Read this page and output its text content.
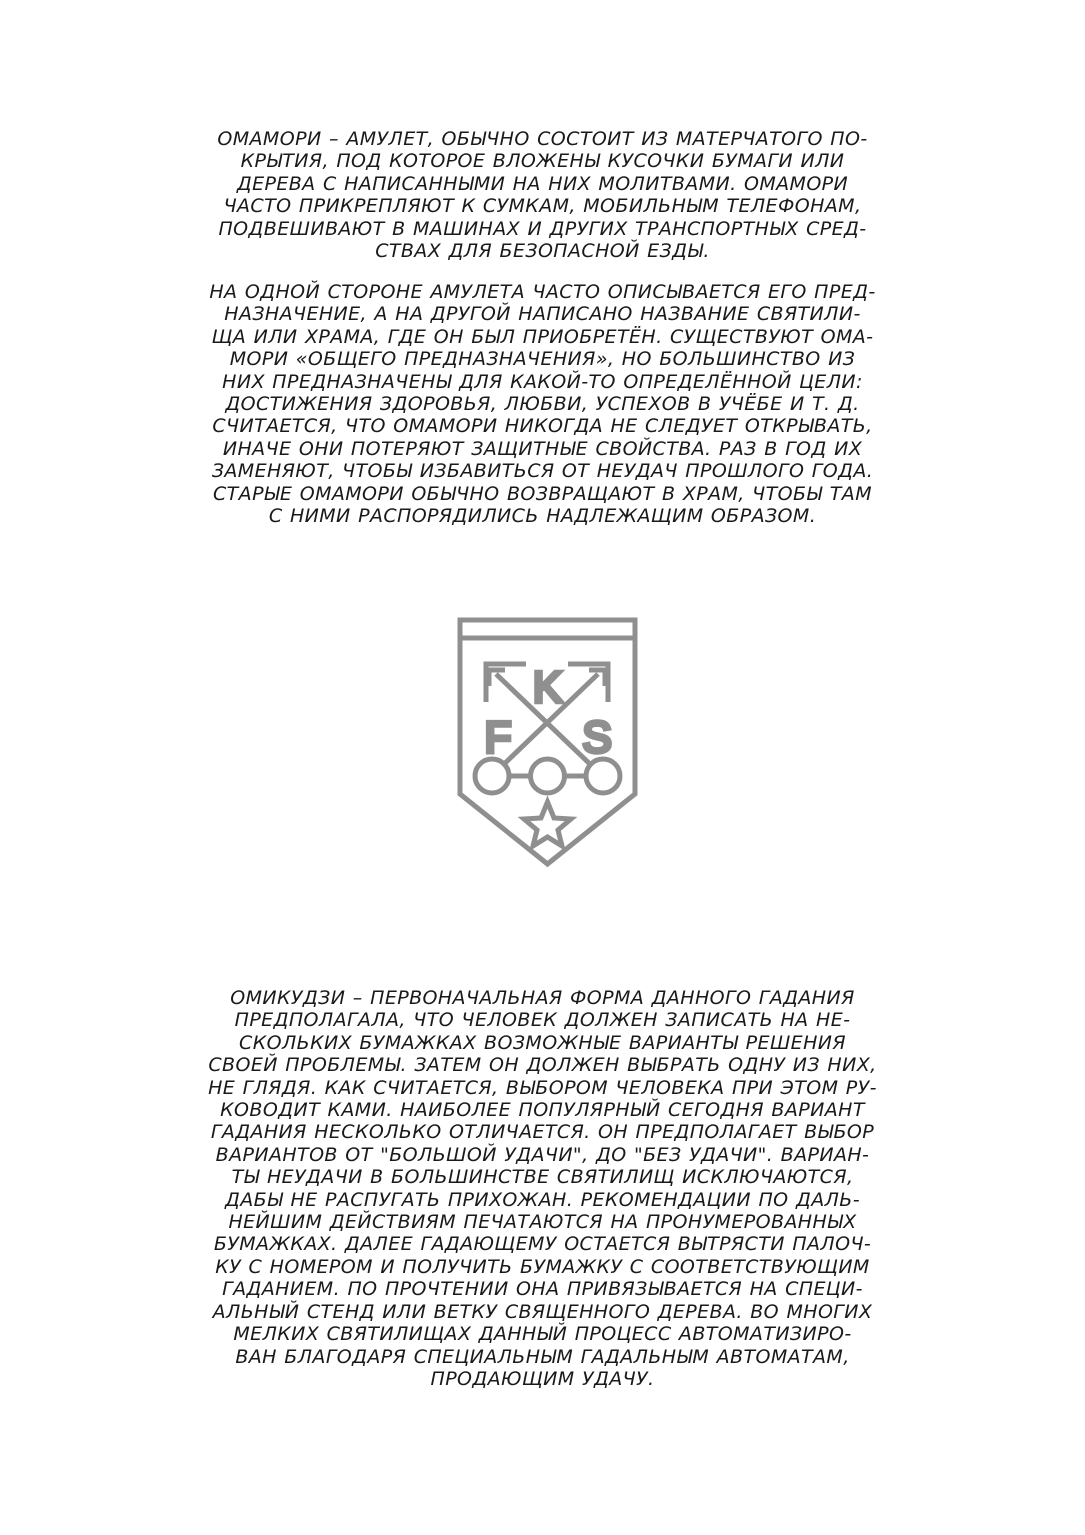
ОМАМОРИ – АМУЛЕТ, ОБЫЧНО СОСТОИТ ИЗ МАТЕРЧАТОГО ПО-
КРЫТИЯ, ПОД КОТОРОЕ ВЛОЖЕНЫ КУСОЧКИ БУМАГИ ИЛИ
ДЕРЕВА С НАПИСАННЫМИ НА НИХ МОЛИТВАМИ. ОМАМОРИ
ЧАСТО ПРИКРЕПЛЯЮТ К СУМКАМ, МОБИЛЬНЫМ ТЕЛЕФОНАМ,
ПОДВЕШИВАЮТ В МАШИНАХ И ДРУГИХ ТРАНСПОРТНЫХ СРЕД-
СТВАХ ДЛЯ БЕЗОПАСНОЙ ЕЗДЫ.
НА ОДНОЙ СТОРОНЕ АМУЛЕТА ЧАСТО ОПИСЫВАЕТСЯ ЕГО ПРЕД-
НАЗНАЧЕНИЕ, А НА ДРУГОЙ НАПИСАНО НАЗВАНИЕ СВЯТИЛИ-
ЩА ИЛИ ХРАМА, ГДЕ ОН БЫЛ ПРИОБРЕТЁН. СУЩЕСТВУЮТ ОМА-
МОРИ «ОБЩЕГО ПРЕДНАЗНАЧЕНИЯ», НО БОЛЬШИНСТВО ИЗ
НИХ ПРЕДНАЗНАЧЕНЫ ДЛЯ КАКОЙ-ТО ОПРЕДЕЛЁННОЙ ЦЕЛИ:
ДОСТИЖЕНИЯ ЗДОРОВЬЯ, ЛЮБВИ, УСПЕХОВ В УЧЁБЕ И Т. Д.
СЧИТАЕТСЯ, ЧТО ОМАМОРИ НИКОГДА НЕ СЛЕДУЕТ ОТКРЫВАТЬ,
ИНАЧЕ ОНИ ПОТЕРЯЮТ ЗАЩИТНЫЕ СВОЙСТВА. РАЗ В ГОД ИХ
ЗАМЕНЯЮТ, ЧТОБЫ ИЗБАВИТЬСЯ ОТ НЕУДАЧ ПРОШЛОГО ГОДА.
СТАРЫЕ ОМАМОРИ ОБЫЧНО ВОЗВРАЩАЮТ В ХРАМ, ЧТОБЫ ТАМ
С НИМИ РАСПОРЯДИЛИСЬ НАДЛЕЖАЩИМ ОБРАЗОМ.
K
F S
ОМИКУДЗИ – ПЕРВОНАЧАЛЬНАЯ ФОРМА ДАННОГО ГАДАНИЯ
ПРЕДПОЛАГАЛА, ЧТО ЧЕЛОВЕК ДОЛЖЕН ЗАПИСАТЬ НА НЕ-
СКОЛЬКИХ БУМАЖКАХ ВОЗМОЖНЫЕ ВАРИАНТЫ РЕШЕНИЯ
СВОЕЙ ПРОБЛЕМЫ. ЗАТЕМ ОН ДОЛЖЕН ВЫБРАТЬ ОДНУ ИЗ НИХ,
НЕ ГЛЯДЯ. КАК СЧИТАЕТСЯ, ВЫБОРОМ ЧЕЛОВЕКА ПРИ ЭТОМ РУ-
КОВОДИТ КАМИ. НАИБОЛЕЕ ПОПУЛЯРНЫЙ СЕГОДНЯ ВАРИАНТ
ГАДАНИЯ НЕСКОЛЬКО ОТЛИЧАЕТСЯ. ОН ПРЕДПОЛАГАЕТ ВЫБОР
ВАРИАНТОВ ОТ "БОЛЬШОЙ УДАЧИ", ДО "БЕЗ УДАЧИ". ВАРИАН-
ТЫ НЕУДАЧИ В БОЛЬШИНСТВЕ СВЯТИЛИЩ ИСКЛЮЧАЮТСЯ,
ДАБЫ НЕ РАСПУГАТЬ ПРИХОЖАН. РЕКОМЕНДАЦИИ ПО ДАЛЬ-
НЕЙШИМ ДЕЙСТВИЯМ ПЕЧАТАЮТСЯ НА ПРОНУМЕРОВАННЫХ
БУМАЖКАХ. ДАЛЕЕ ГАДАЮЩЕМУ ОСТАЕТСЯ ВЫТРЯСТИ ПАЛОЧ-
КУ С НОМЕРОМ И ПОЛУЧИТЬ БУМАЖКУ С СООТВЕТСТВУЮЩИМ
ГАДАНИЕМ. ПО ПРОЧТЕНИИ ОНА ПРИВЯЗЫВАЕТСЯ НА СПЕЦИ-
АЛЬНЫЙ СТЕНД ИЛИ ВЕТКУ СВЯЩЕННОГО ДЕРЕВА. ВО МНОГИХ
МЕЛКИХ СВЯТИЛИЩАХ ДАННЫЙ ПРОЦЕСС АВТОМАТИЗИРО-
ВАН БЛАГОДАРЯ СПЕЦИАЛЬНЫМ ГАДАЛЬНЫМ АВТОМАТАМ,
ПРОДАЮЩИМ УДАЧУ.
